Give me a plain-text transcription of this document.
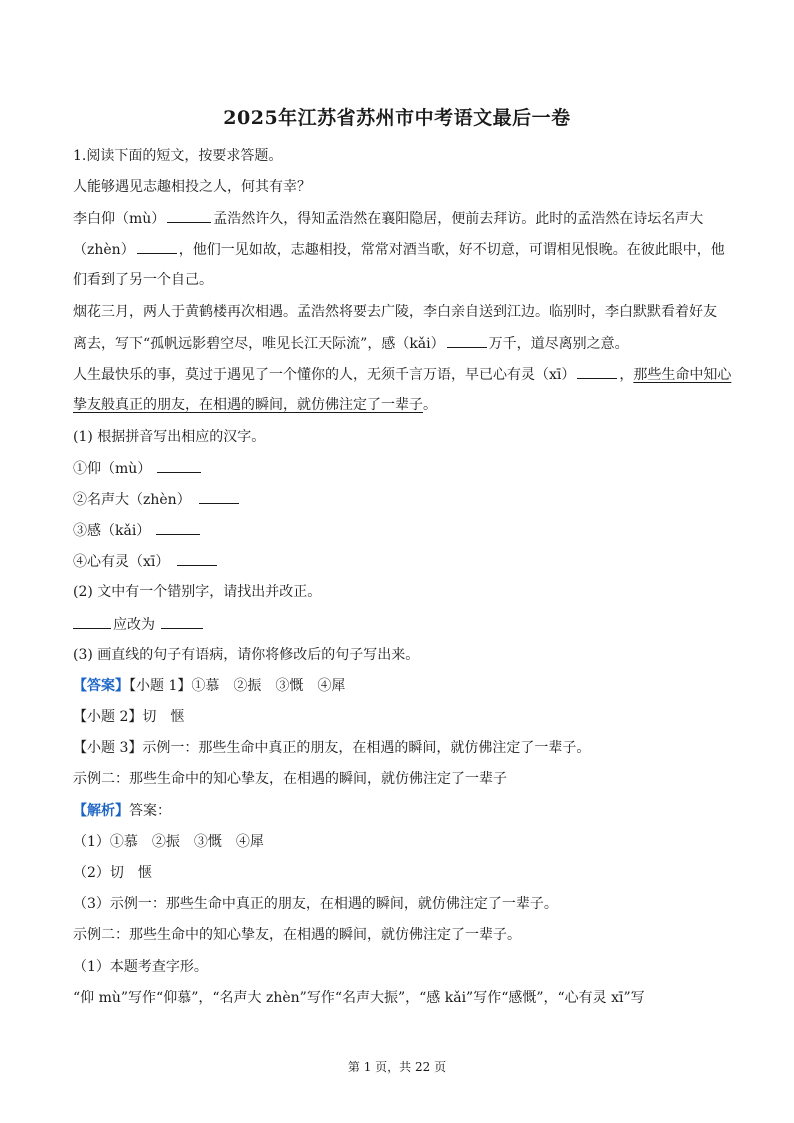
2025年江苏省苏州市中考语文最后一卷
1.阅读下面的短文，按要求答题。
人能够遇见志趣相投之人，何其有幸？
李白仰（mù）	孟浩然许久，得知孟浩然在襄阳隐居，便前去拜访。此时的孟浩然在诗坛名声大
（zhèn）	，他们一见如故，志趣相投，常常对酒当歌，好不切意，可谓相见恨晚。在彼此眼中，他
们看到了另一个自己。
烟花三月，两人于黄鹤楼再次相遇。孟浩然将要去广陵，李白亲自送到江边。临别时，李白默默看着好友
离去，写下“孤帆远影碧空尽，唯见长江天际流”，感（kǎi）	万千，道尽离别之意。
人生最快乐的事，莫过于遇见了一个懂你的人，无须千言万语，早已心有灵（xī）	，那些生命中知心
挚友般真正的朋友，在相遇的瞬间，就仿佛注定了一辈子。
(1) 根据拼音写出相应的汉字。
①仰（mù）
②名声大（zhèn）
③感（kǎi）
④心有灵（xī）
(2) 文中有一个错别字，请找出并改正。
应改为
(3) 画直线的句子有语病，请你将修改后的句子写出来。
【答案】【小题 1】①慕　②振　③慨　④犀
【小题 2】切　惬
【小题 3】示例一：那些生命中真正的朋友，在相遇的瞬间，就仿佛注定了一辈子。
示例二：那些生命中的知心挚友，在相遇的瞬间，就仿佛注定了一辈子
【解析】答案：
（1）①慕　②振　③慨　④犀
（2）切　惬
（3）示例一：那些生命中真正的朋友，在相遇的瞬间，就仿佛注定了一辈子。
示例二：那些生命中的知心挚友，在相遇的瞬间，就仿佛注定了一辈子。
（1）本题考查字形。
“仰 mù”写作“仰慕”，“名声大 zhèn”写作“名声大振”，“感 kǎi”写作“感慨”，“心有灵 xī”写
第 1 页，共 22 页
